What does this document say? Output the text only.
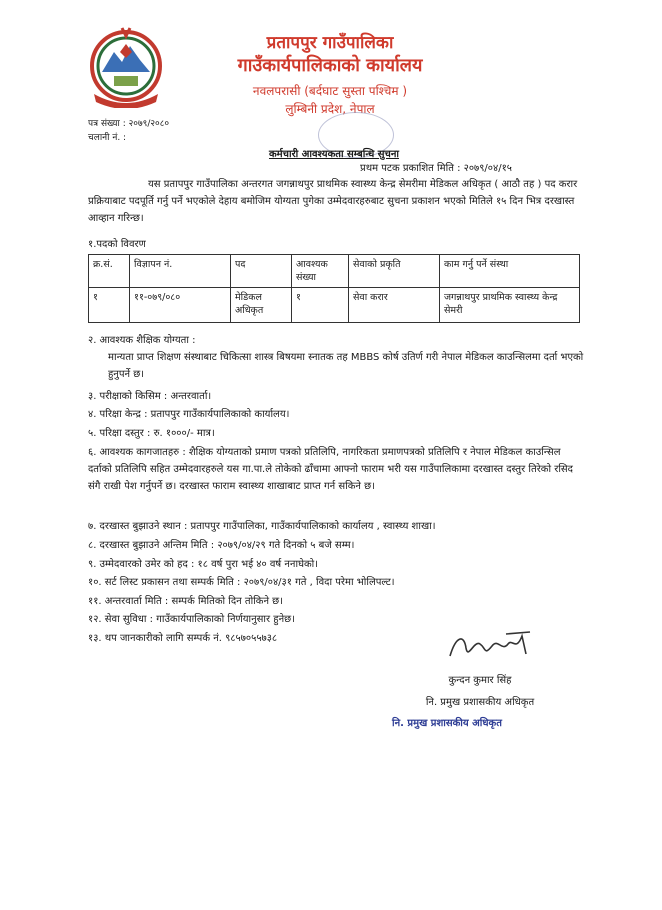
प्रतापपुर गाउँपालिका
गाउँकार्यपालिकाको कार्यालय
नवलपरासी (बर्दघाट सुस्ता पश्चिम )
लुम्बिनी प्रदेश, नेपाल
पत्र संख्या : २०७९/२०८०
चलानी नं. :
कर्मचारी आवश्यकता सम्बन्धि सुचना
प्रथम पटक प्रकाशित मिति : २०७९/०४/१५
यस प्रतापपुर गाउँपालिका अन्तरगत जगन्नाथपुर प्राथमिक स्वास्थ्य केन्द्र सेमरीमा मेडिकल अधिकृत ( आठौ तह ) पद करार प्रक्रियाबाट पदपूर्ति गर्नु पर्ने भएकोले देहाय बमोजिम योग्यता पुगेका उम्मेदवारहरुबाट सुचना प्रकाशन भएको मितिले १५ दिन भित्र दरखास्त आव्हान गरिन्छ।
१.पदको विवरण
क्र.सं.	विज्ञापन नं.	पद	आवश्यक संख्या	सेवाको प्रकृति	काम गर्नु पर्ने संस्था
१	११-०७९/०८०	मेडिकल अधिकृत	१	सेवा करार	जगन्नाथपुर प्राथमिक स्वास्थ्य केन्द्र सेमरी
२. आवश्यक शैक्षिक योग्यता :
मान्यता प्राप्त शिक्षण संस्थाबाट चिकित्सा शास्त्र बिषयमा स्नातक तह MBBS कोर्ष उतिर्ण गरी नेपाल मेडिकल काउन्सिलमा दर्ता भएको हुनुपर्ने छ।
३. परीक्षाको किसिम : अन्तरवार्ता।
४. परिक्षा केन्द्र : प्रतापपुर गाउँकार्यपालिकाको कार्यालय।
५. परिक्षा दस्तुर : रु. १०००/- मात्र।
६. आवश्यक कागजातहरु : शैक्षिक योग्यताको प्रमाण पत्रको प्रतिलिपि, नागरिकता प्रमाणपत्रको प्रतिलिपि र नेपाल मेडिकल काउन्सिल दर्ताको प्रतिलिपि सहित उम्मेदवारहरुले यस गा.पा.ले तोकेको ढाँचामा आफ्नो फाराम भरी यस गाउँपालिकामा दरखास्त दस्तुर तिरेको रसिद संगै राखी पेश गर्नुपर्ने छ। दरखास्त फाराम स्वास्थ्य शाखाबाट प्राप्त गर्न सकिने छ।
७. दरखास्त बुझाउने स्थान : प्रतापपुर गाउँपालिका, गाउँकार्यपालिकाको कार्यालय , स्वास्थ्य शाखा।
८. दरखास्त बुझाउने अन्तिम मिति : २०७९/०४/२९ गते दिनको ५ बजे सम्म।
९. उम्मेदवारको उमेर को हद : १८ वर्ष पुरा भई ४० वर्ष ननाघेको।
१०. सर्ट लिस्ट प्रकासन तथा सम्पर्क मिति : २०७९/०४/३१ गते , विदा परेमा भोलिपल्ट।
११. अन्तरवार्ता मिति : सम्पर्क मितिको दिन तोकिने छ।
१२. सेवा सुविधा : गाउँकार्यपालिकाको निर्णयानुसार हुनेछ।
१३. थप जानकारीको लागि सम्पर्क नं. ९८५७०५५७३८
कुन्दन कुमार सिंह
नि. प्रमुख प्रशासकीय अधिकृत
नि. प्रमुख प्रशासकीय अधिकृत
